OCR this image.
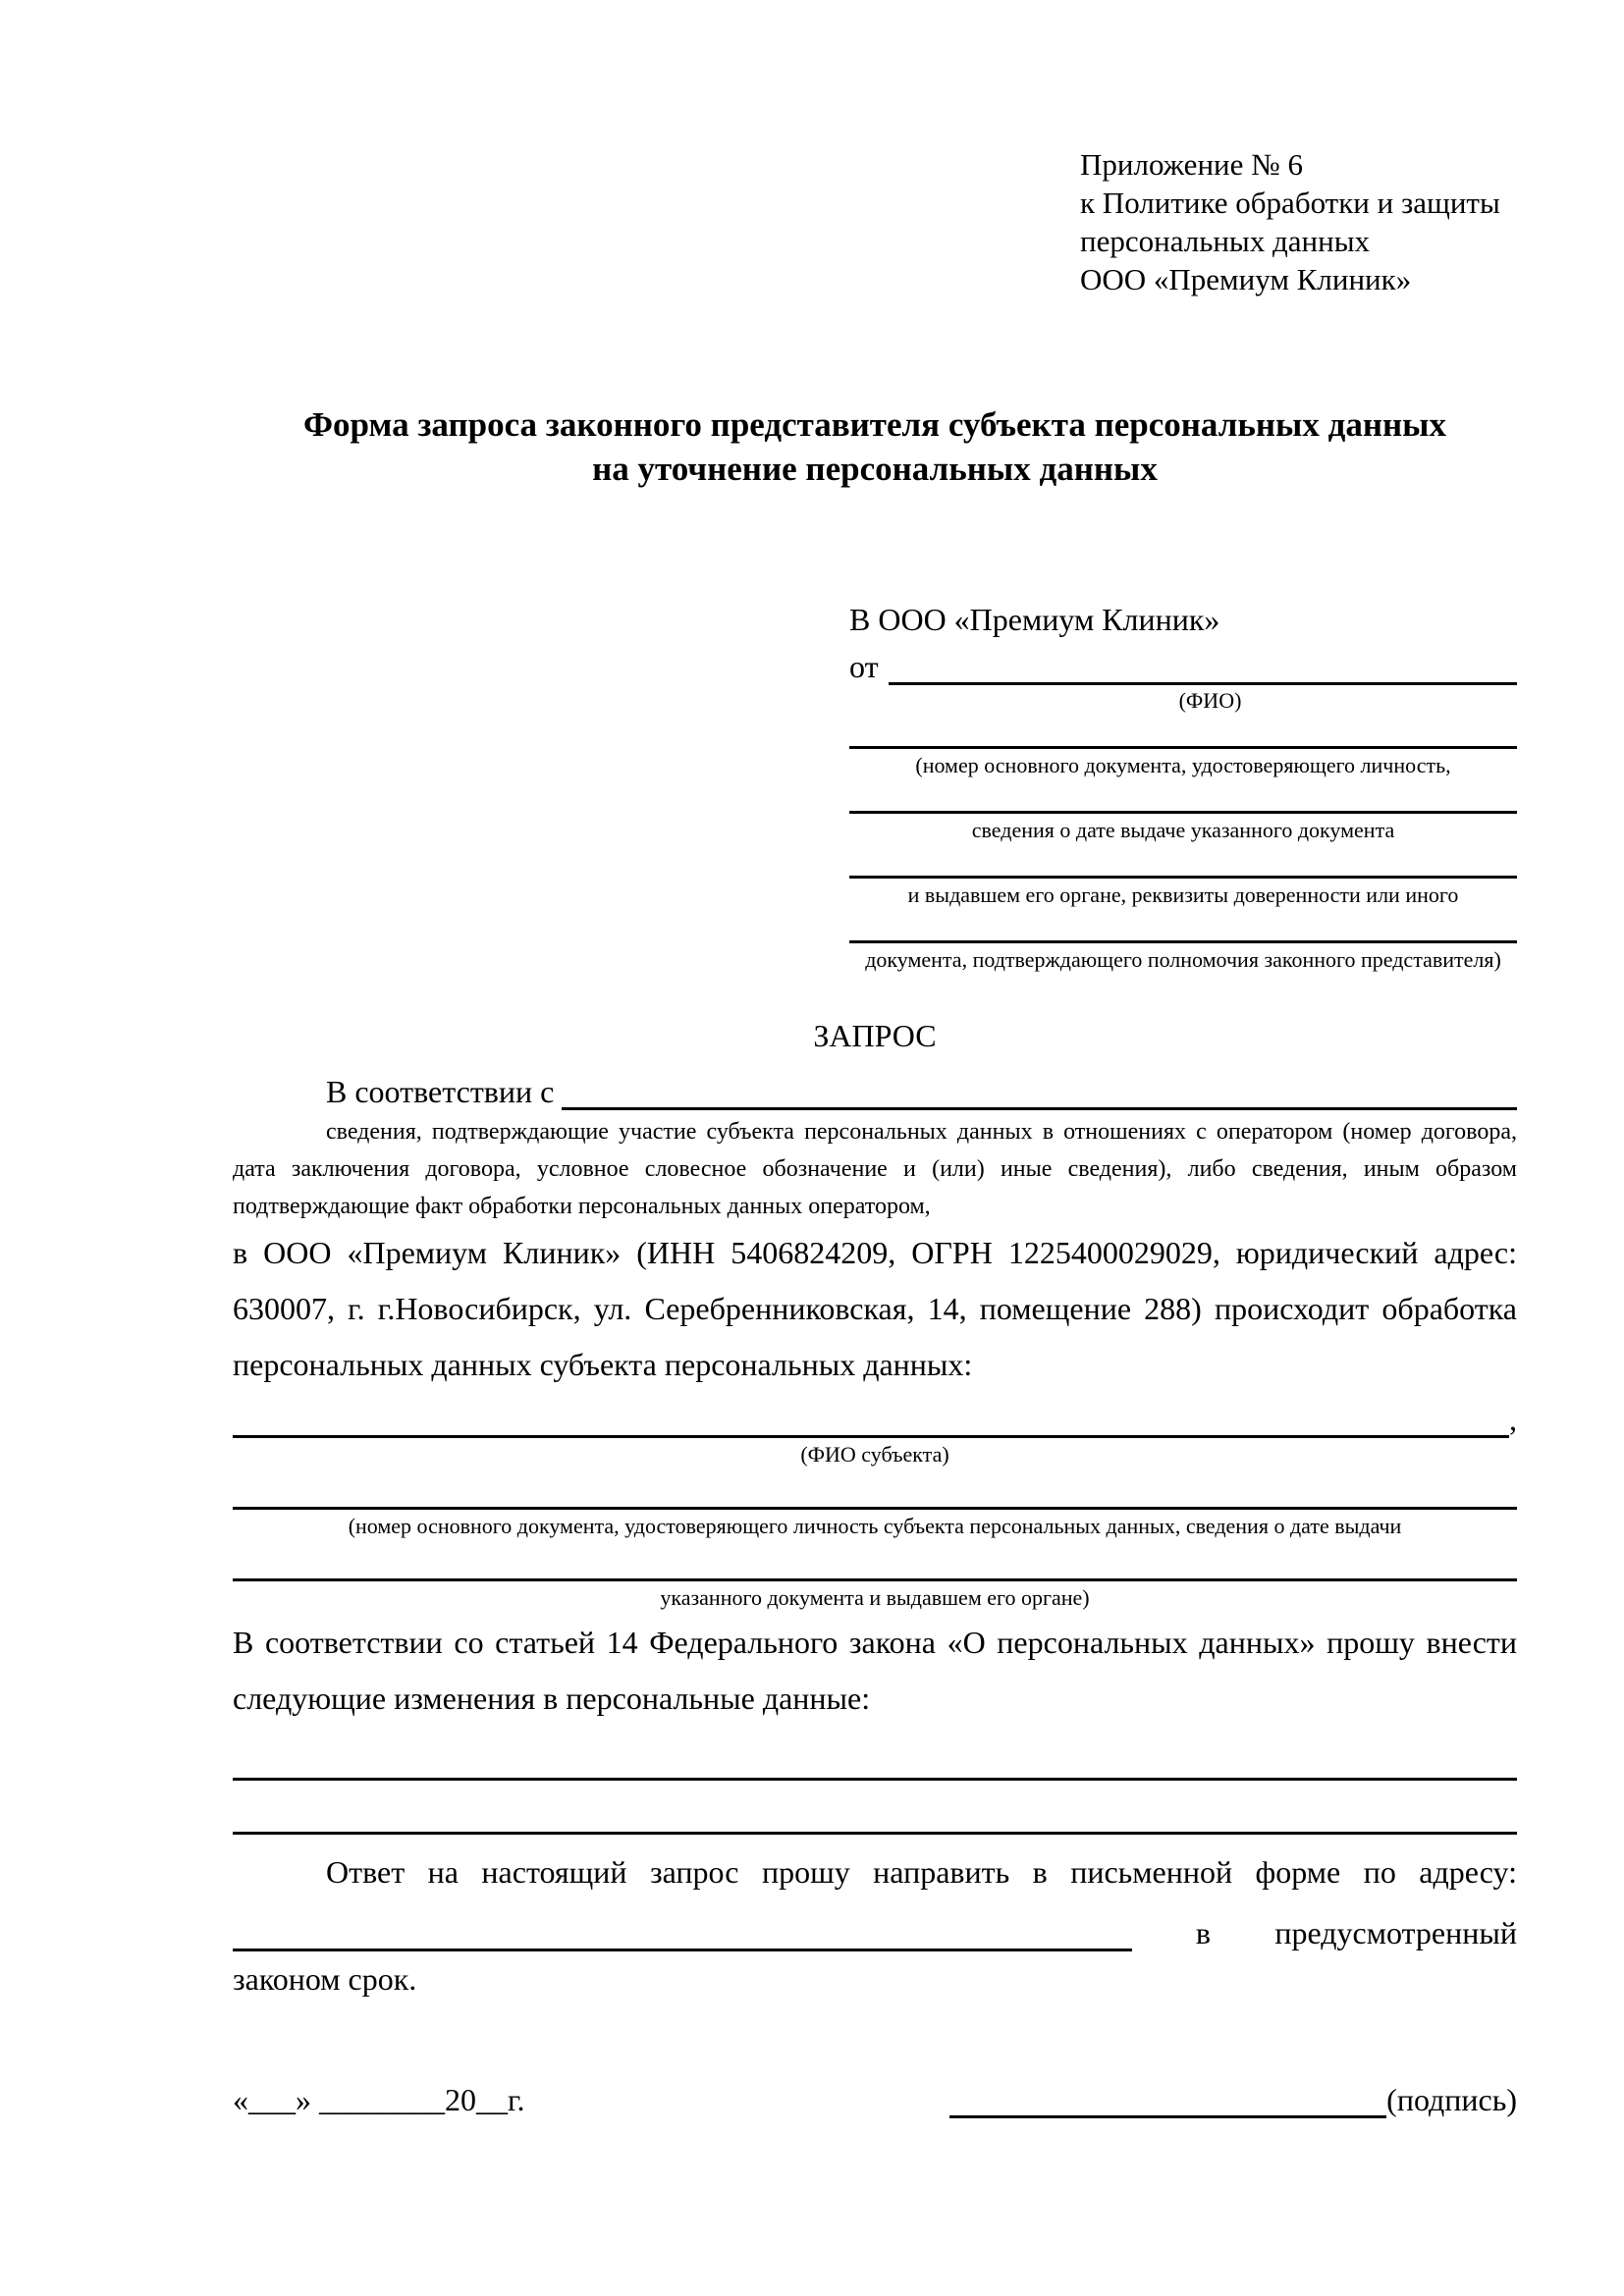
Приложение № 6
к Политике обработки и защиты
персональных данных
ООО «Премиум Клиник»
Форма запроса законного представителя субъекта персональных данных
на уточнение персональных данных
В ООО «Премиум Клиник»
от
(ФИО)
(номер основного документа, удостоверяющего личность,
сведения о дате выдаче указанного документа
и выдавшем его органе, реквизиты доверенности или иного
документа, подтверждающего полномочия законного представителя)
ЗАПРОС
В соответствии с

сведения, подтверждающие участие субъекта персональных данных в отношениях с оператором (номер договора, дата заключения договора, условное словесное обозначение и (или) иные сведения), либо сведения, иным образом подтверждающие факт обработки персональных данных оператором,

в ООО «Премиум Клиник» (ИНН 5406824209, ОГРН 1225400029029, юридический адрес: 630007, г. г.Новосибирск, ул. Серебренниковская, 14, помещение 288) происходит обработка персональных данных субъекта персональных данных:

,
(ФИО субъекта)
(номер основного документа, удостоверяющего личность субъекта персональных данных, сведения о дате выдачи
указанного документа и выдавшем его органе)

В соответствии со статьей 14 Федерального закона «О персональных данных» прошу внести следующие изменения в персональные данные:

Ответ на настоящий запрос прошу направить в письменной форме по адресу:
в предусмотренный
законом срок.
«___» ________20__г.	(подпись)
